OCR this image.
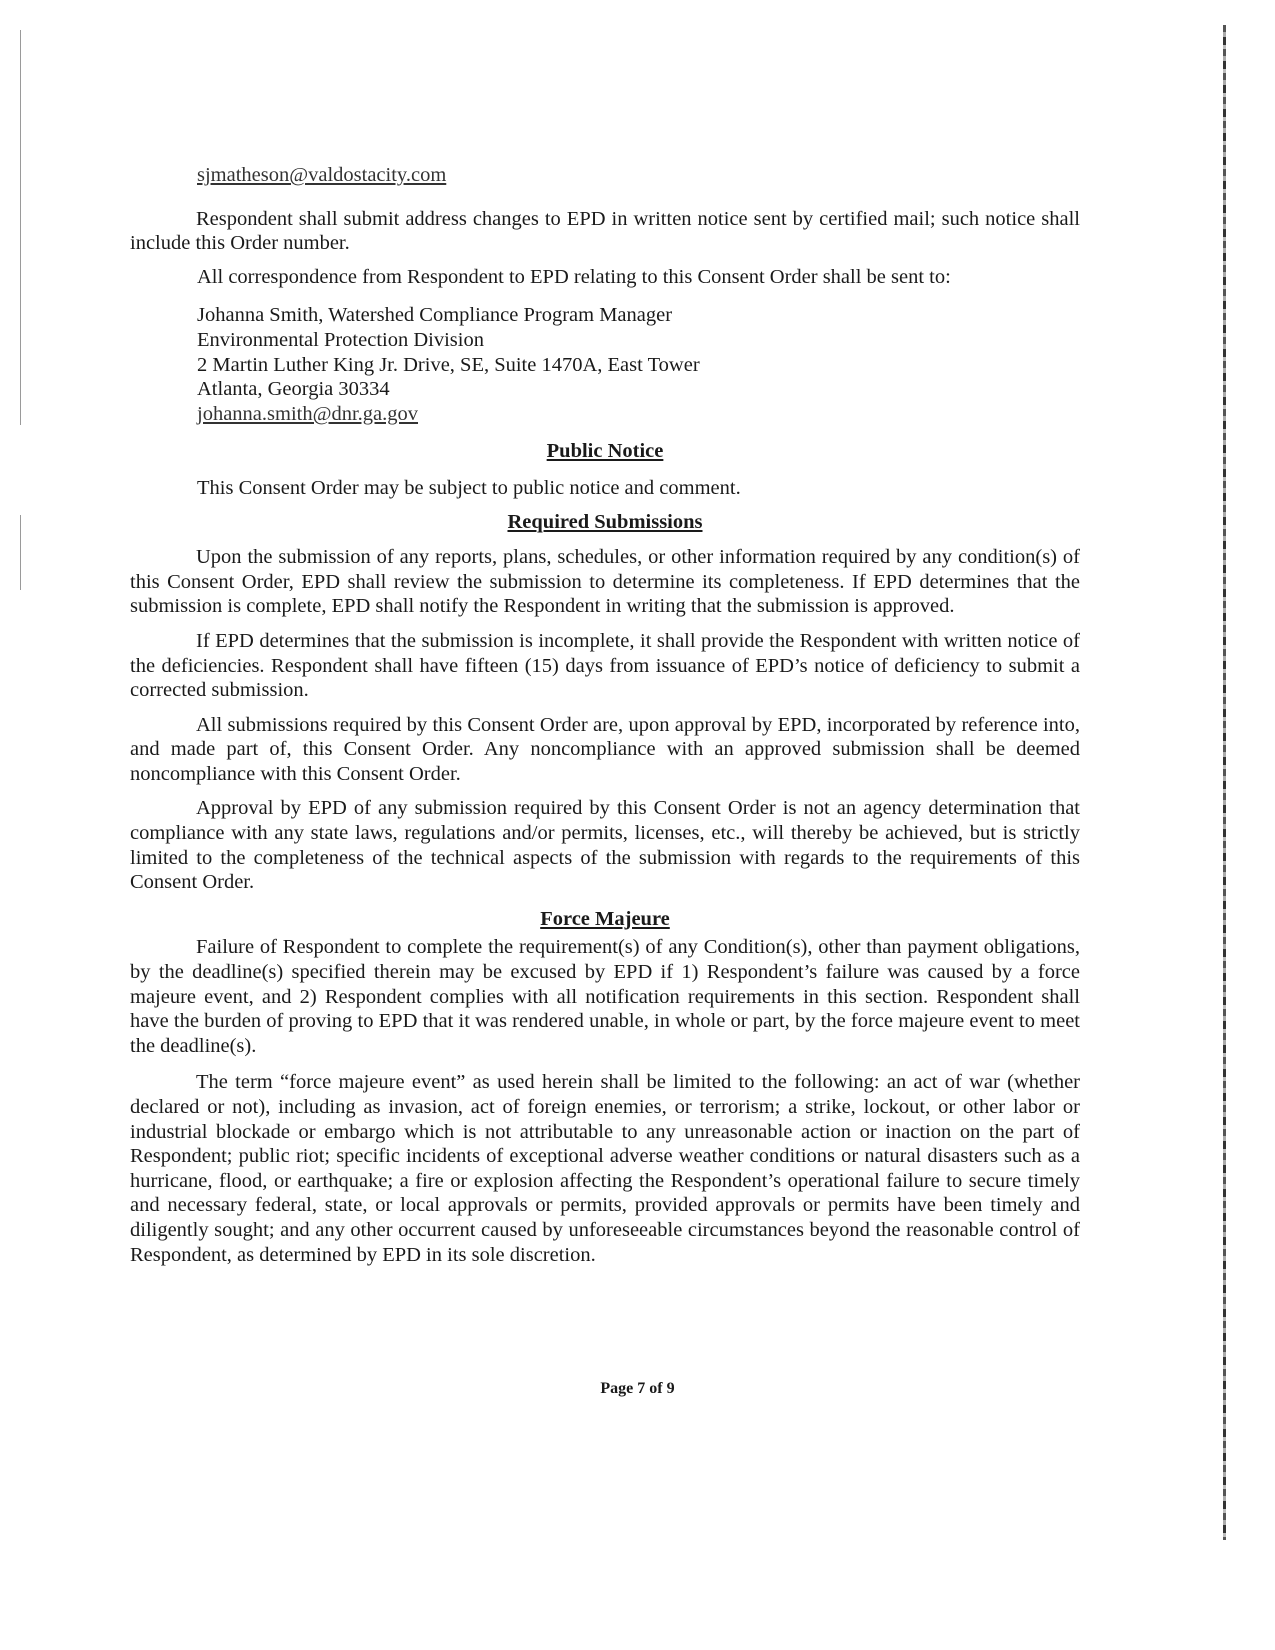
sjmatheson@valdostacity.com

Respondent shall submit address changes to EPD in written notice sent by certified mail; such notice shall include this Order number.

All correspondence from Respondent to EPD relating to this Consent Order shall be sent to:

Johanna Smith, Watershed Compliance Program Manager
Environmental Protection Division
2 Martin Luther King Jr. Drive, SE, Suite 1470A, East Tower
Atlanta, Georgia 30334
johanna.smith@dnr.ga.gov
Public Notice

This Consent Order may be subject to public notice and comment.

Required Submissions

Upon the submission of any reports, plans, schedules, or other information required by any condition(s) of this Consent Order, EPD shall review the submission to determine its completeness. If EPD determines that the submission is complete, EPD shall notify the Respondent in writing that the submission is approved.

If EPD determines that the submission is incomplete, it shall provide the Respondent with written notice of the deficiencies. Respondent shall have fifteen (15) days from issuance of EPD’s notice of deficiency to submit a corrected submission.

All submissions required by this Consent Order are, upon approval by EPD, incorporated by reference into, and made part of, this Consent Order. Any noncompliance with an approved submission shall be deemed noncompliance with this Consent Order.

Approval by EPD of any submission required by this Consent Order is not an agency determination that compliance with any state laws, regulations and/or permits, licenses, etc., will thereby be achieved, but is strictly limited to the completeness of the technical aspects of the submission with regards to the requirements of this Consent Order.

Force Majeure

Failure of Respondent to complete the requirement(s) of any Condition(s), other than payment obligations, by the deadline(s) specified therein may be excused by EPD if 1) Respondent’s failure was caused by a force majeure event, and 2) Respondent complies with all notification requirements in this section. Respondent shall have the burden of proving to EPD that it was rendered unable, in whole or part, by the force majeure event to meet the deadline(s).

The term “force majeure event” as used herein shall be limited to the following: an act of war (whether declared or not), including as invasion, act of foreign enemies, or terrorism; a strike, lockout, or other labor or industrial blockade or embargo which is not attributable to any unreasonable action or inaction on the part of Respondent; public riot; specific incidents of exceptional adverse weather conditions or natural disasters such as a hurricane, flood, or earthquake; a fire or explosion affecting the Respondent’s operational failure to secure timely and necessary federal, state, or local approvals or permits, provided approvals or permits have been timely and diligently sought; and any other occurrent caused by unforeseeable circumstances beyond the reasonable control of Respondent, as determined by EPD in its sole discretion.

Page 7 of 9
